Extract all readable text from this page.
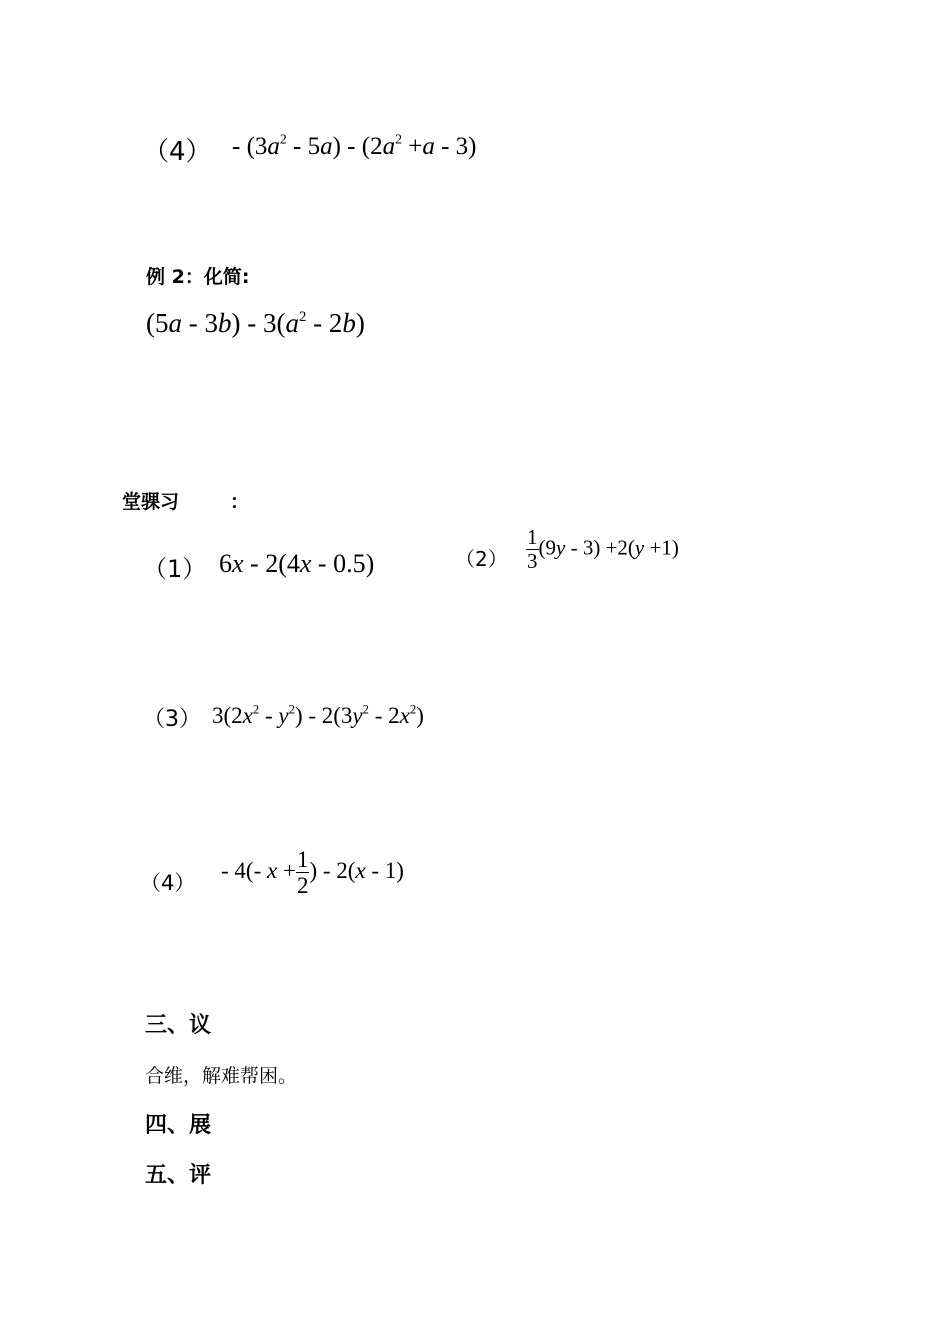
$(4) - (3a^2 - 5a) - (2a^2 +a - 3)$
例 2：化简:
$(5a - 3b) - 3(a^2 - 2b)$
堂骒习	：
（1） 6x - 2(4x - 0.5)	$(2) \frac{1}{3} (9y - 3) +2(y +1)$
（3） $3(2x^2 - y^2) - 2(3y^2 - 2x^2)$
（4）
- 4(- $x + \frac{1}{2}$ ) - 2(x - 1)
三、议
合维，解难帮困。
四、展
五、评
